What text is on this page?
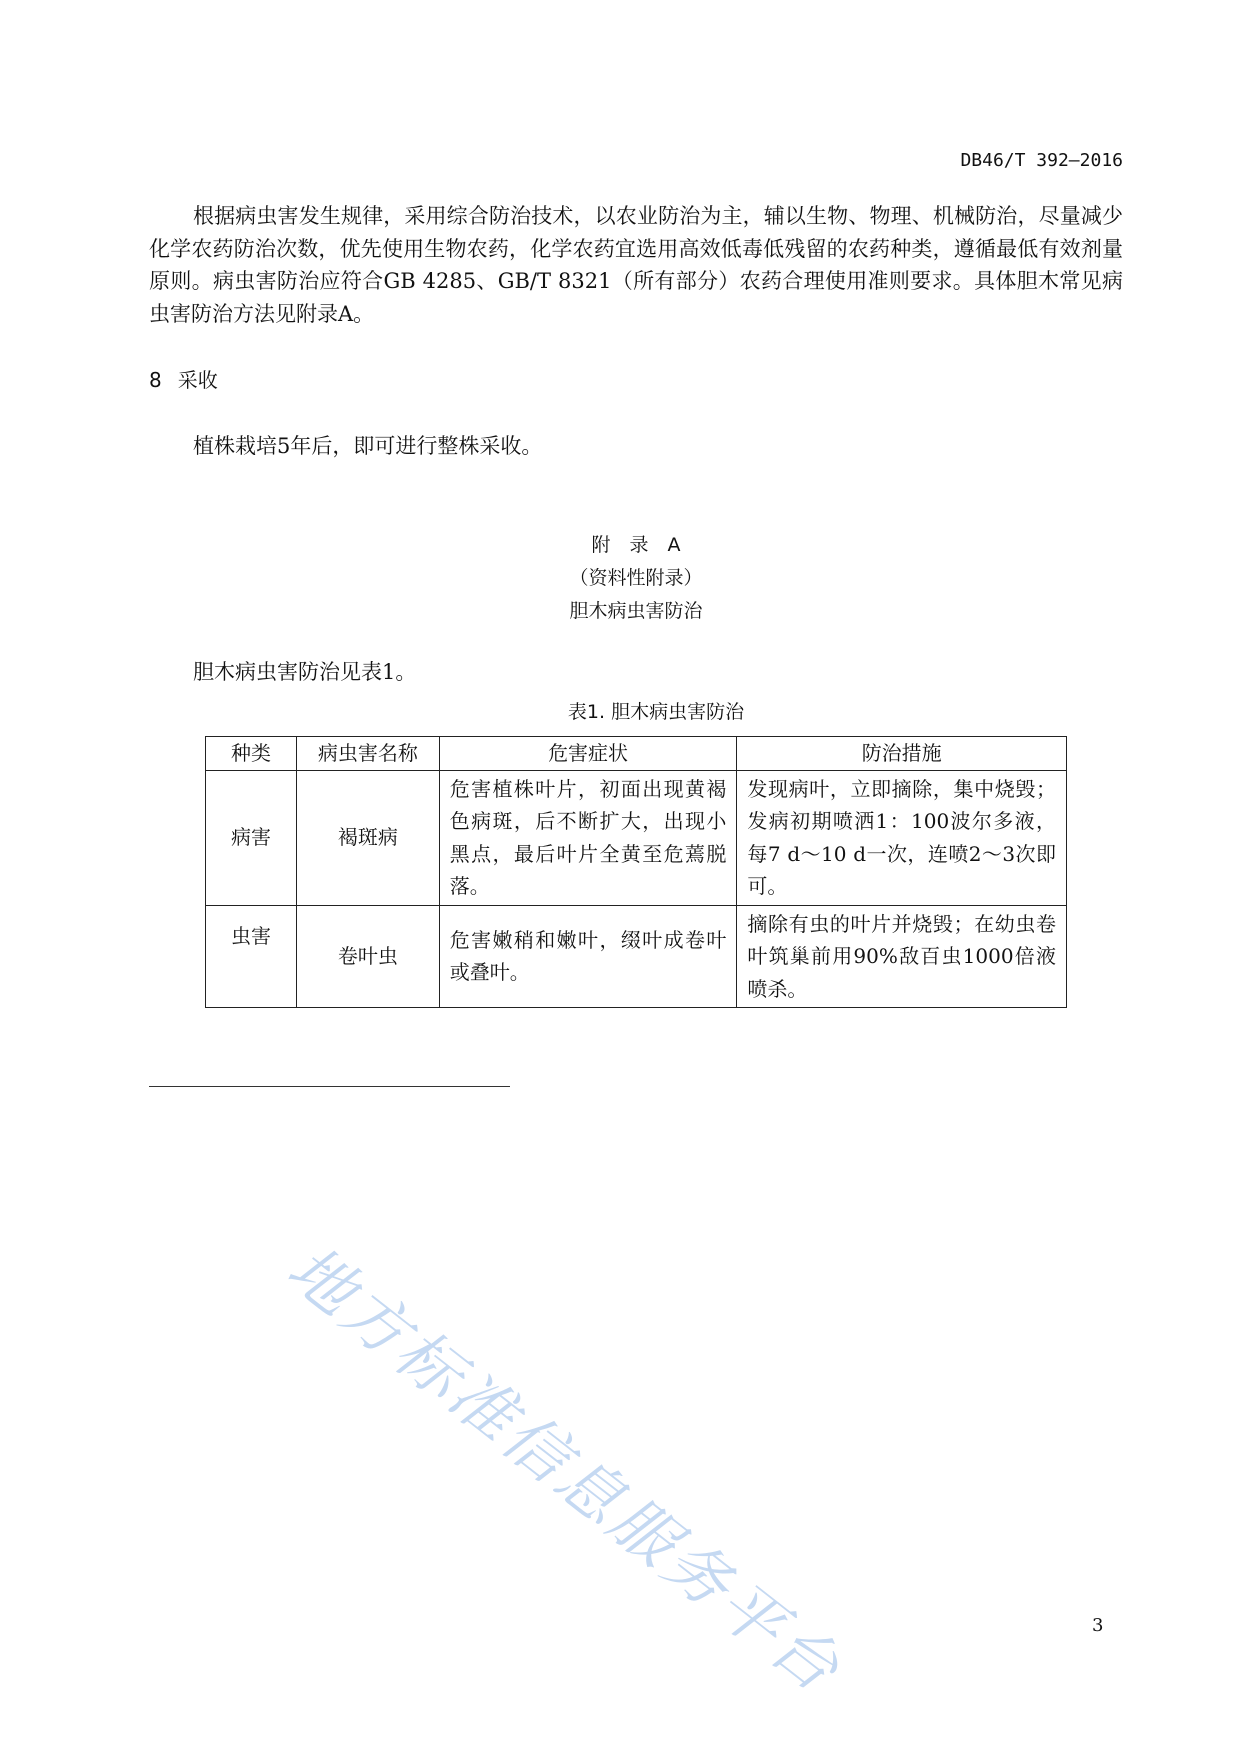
DB46/T 392—2016
根据病虫害发生规律，采用综合防治技术，以农业防治为主，辅以生物、物理、机械防治，尽量减少化学农药防治次数，优先使用生物农药，化学农药宜选用高效低毒低残留的农药种类，遵循最低有效剂量原则。病虫害防治应符合GB 4285、GB/T 8321（所有部分）农药合理使用准则要求。具体胆木常见病虫害防治方法见附录A。
8 采收
植株栽培5年后，即可进行整株采收。
附　录　A
（资料性附录）
胆木病虫害防治
胆木病虫害防治见表1。
表1. 胆木病虫害防治
种类	病虫害名称	危害症状	防治措施
病害	褐斑病	危害植株叶片，初面出现黄褐色病斑，后不断扩大，出现小黑点，最后叶片全黄至危蔫脱落。	发现病叶，立即摘除，集中烧毁；发病初期喷洒1：100波尔多液，每7 d～10 d一次，连喷2～3次即可。
虫害	卷叶虫	危害嫩稍和嫩叶，缀叶成卷叶或叠叶。	摘除有虫的叶片并烧毁；在幼虫卷叶筑巢前用90%敌百虫1000倍液喷杀。
地方标准信息服务平台	3
